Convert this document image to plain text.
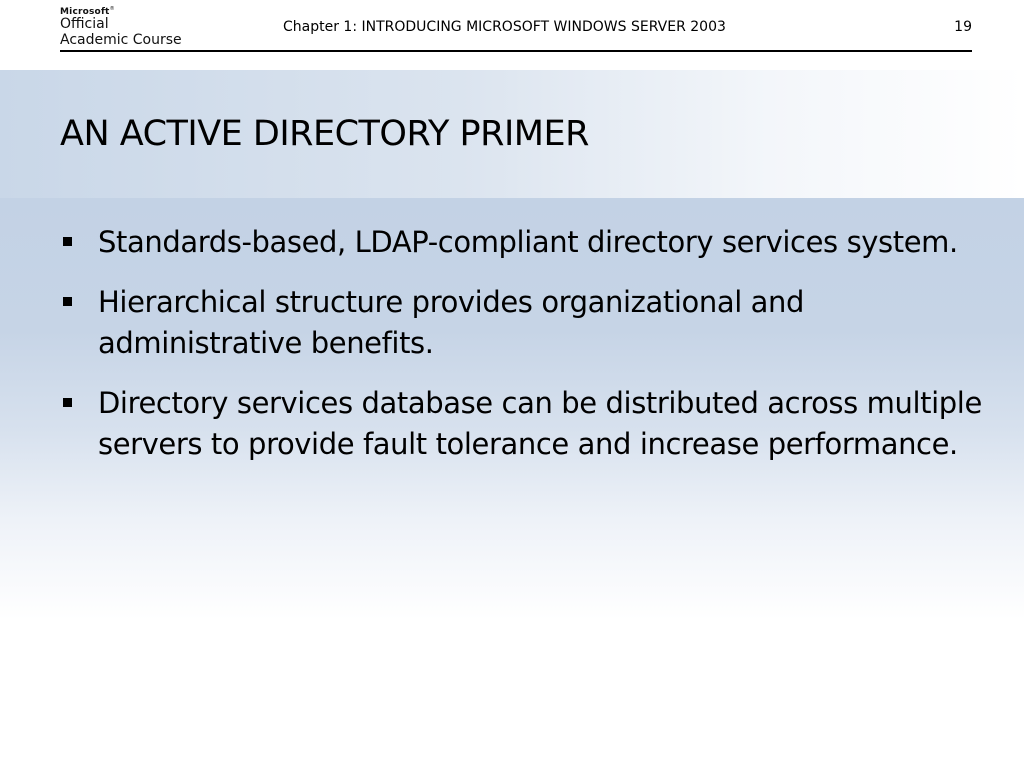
Microsoft®
Official
Academic Course
Chapter 1: INTRODUCING MICROSOFT WINDOWS SERVER 2003	19
AN ACTIVE DIRECTORY PRIMER
Standards-based, LDAP-compliant directory services system.
Hierarchical structure provides organizational and administrative benefits.
Directory services database can be distributed across multiple servers to provide fault tolerance and increase performance.
